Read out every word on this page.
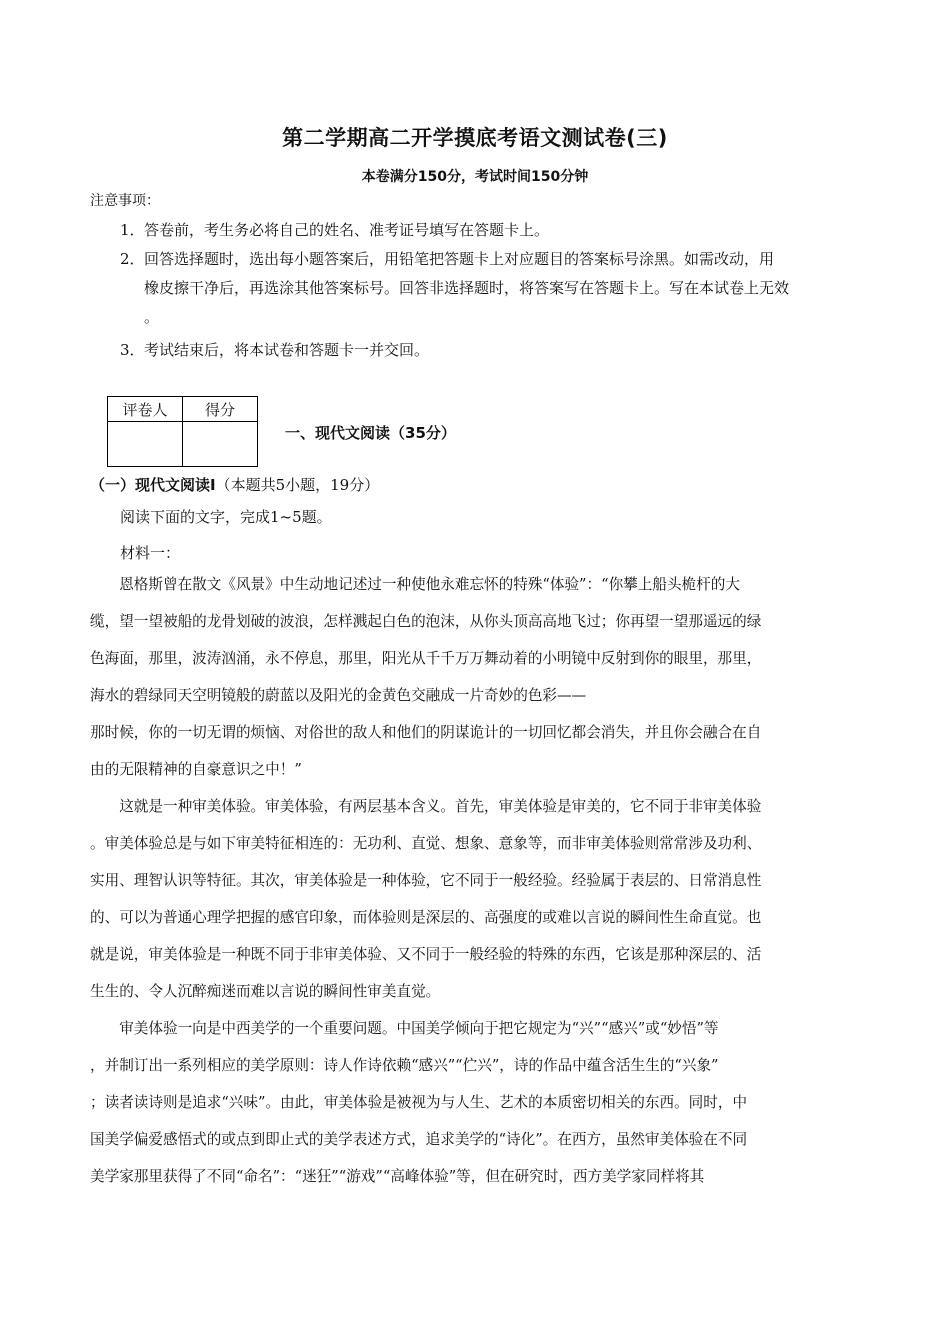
第二学期高二开学摸底考语文测试卷(三)
本卷满分150分，考试时间150分钟
注意事项：
1．答卷前，考生务必将自己的姓名、准考证号填写在答题卡上。
2．回答选择题时，选出每小题答案后，用铅笔把答题卡上对应题目的答案标号涂黑。如需改动，用
橡皮擦干净后，再选涂其他答案标号。回答非选择题时，将答案写在答题卡上。写在本试卷上无效
。
3．考试结束后，将本试卷和答题卡一并交回。
评卷人	得分

一、现代文阅读（35分）
（一）现代文阅读I（本题共5小题，19分）
阅读下面的文字，完成1~5题。
材料一：
　　恩格斯曾在散文《风景》中生动地记述过一种使他永难忘怀的特殊“体验”：“你攀上船头桅杆的大
缆，望一望被船的龙骨划破的波浪，怎样溅起白色的泡沫，从你头顶高高地飞过；你再望一望那遥远的绿
色海面，那里，波涛汹涌，永不停息，那里，阳光从千千万万舞动着的小明镜中反射到你的眼里，那里，
海水的碧绿同天空明镜般的蔚蓝以及阳光的金黄色交融成一片奇妙的色彩——
那时候，你的一切无谓的烦恼、对俗世的敌人和他们的阴谋诡计的一切回忆都会消失，并且你会融合在自
由的无限精神的自豪意识之中！”
　　这就是一种审美体验。审美体验，有两层基本含义。首先，审美体验是审美的，它不同于非审美体验
。审美体验总是与如下审美特征相连的：无功利、直觉、想象、意象等，而非审美体验则常常涉及功利、
实用、理智认识等特征。其次，审美体验是一种体验，它不同于一般经验。经验属于表层的、日常消息性
的、可以为普通心理学把握的感官印象，而体验则是深层的、高强度的或难以言说的瞬间性生命直觉。也
就是说，审美体验是一种既不同于非审美体验、又不同于一般经验的特殊的东西，它该是那种深层的、活
生生的、令人沉醉痴迷而难以言说的瞬间性审美直觉。
　　审美体验一向是中西美学的一个重要问题。中国美学倾向于把它规定为“兴”“感兴”或“妙悟”等
，并制订出一系列相应的美学原则：诗人作诗依赖“感兴”“伫兴”，诗的作品中蕴含活生生的“兴象”
；读者读诗则是追求“兴味”。由此，审美体验是被视为与人生、艺术的本质密切相关的东西。同时，中
国美学偏爱感悟式的或点到即止式的美学表述方式，追求美学的“诗化”。在西方，虽然审美体验在不同
美学家那里获得了不同“命名”：“迷狂”“游戏”“高峰体验”等，但在研究时，西方美学家同样将其
